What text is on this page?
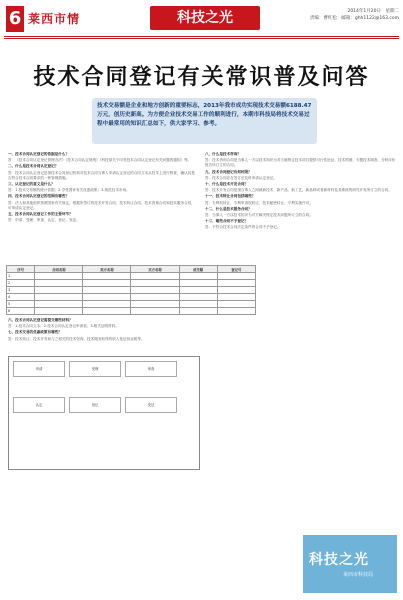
6 莱西市情	科技之光	2014年1月20日　星期二
责编：曹红松　邮箱：ghh1122@163.com
技术合同登记有关常识普及问答
技术交易额是企业和地方创新的重要标志，2013年我市成功实现技术交易额6188.47万元，创历史新高。为方便企业技术交易工作的顺利进行，本期市科技局将技术交易过程中最常用的知识汇总如下，供大家学习、参考。

一、技术合同认定登记的依据是什么？

答：《技术合同认定登记管理办法》《技术合同认定规则》《科技部关于印发技术合同认定登记有关问题的通知》等。

二、什么是技术合同认定登记？

答：技术合同认定登记是指技术合同登记机构对技术合同当事人申请认定登记的合同文本从技术上进行核查，确认其是否符合技术合同要求的一种管理措施。

三、认定登记的意义是什么？

答：1.技术交易额的统计依据；2.享受国家有关优惠政策；3.规范技术市场。

四、技术合同认定登记的范围有哪些？

答：法人和其他组织按照国家有关规定，根据所签订的技术开发合同、技术转让合同、技术咨询合同和技术服务合同，可申请认定登记。

五、技术合同认定登记工作的主要环节？

答：申请、受理、审查、认定、登记、发证。

序号	合同名称	卖方名称	买方名称	成交额	登记号
1					
2					
3					
4					
5					
6					

六、技术合同认定登记需提交哪些材料？

答：1.技术合同文本；2.技术合同认定登记申请表；3.相关证明材料。

七、技术交易的优惠政策有哪些？

答：技术转让、技术开发和与之相关的技术咨询、技术服务取得的收入免征营业税等。

申请	受理	审查
认定	登记	发证

八、什么是技术咨询？

答：技术咨询合同是当事人一方以技术知识为对方就特定技术项目提供可行性论证、技术预测、专题技术调查、分析评价报告所订立的合同。

九、技术合同登记有何时限？

答：技术合同应在签订后及时申请认定登记。

十、什么是技术开发合同？

答：技术开发合同是指当事人之间就新技术、新产品、新工艺、新品种或者新材料及其系统的研究开发所订立的合同。

十一、技术转让合同包括哪些？

答：专利权转让、专利申请权转让、技术秘密转让、专利实施许可。

十二、什么是技术服务合同？

答：当事人一方以技术知识为对方解决特定技术问题所订立的合同。

十三、哪些合同不予登记？

答：不符合技术合同法定条件的合同不予登记。

科技之光
莱西市科技局
